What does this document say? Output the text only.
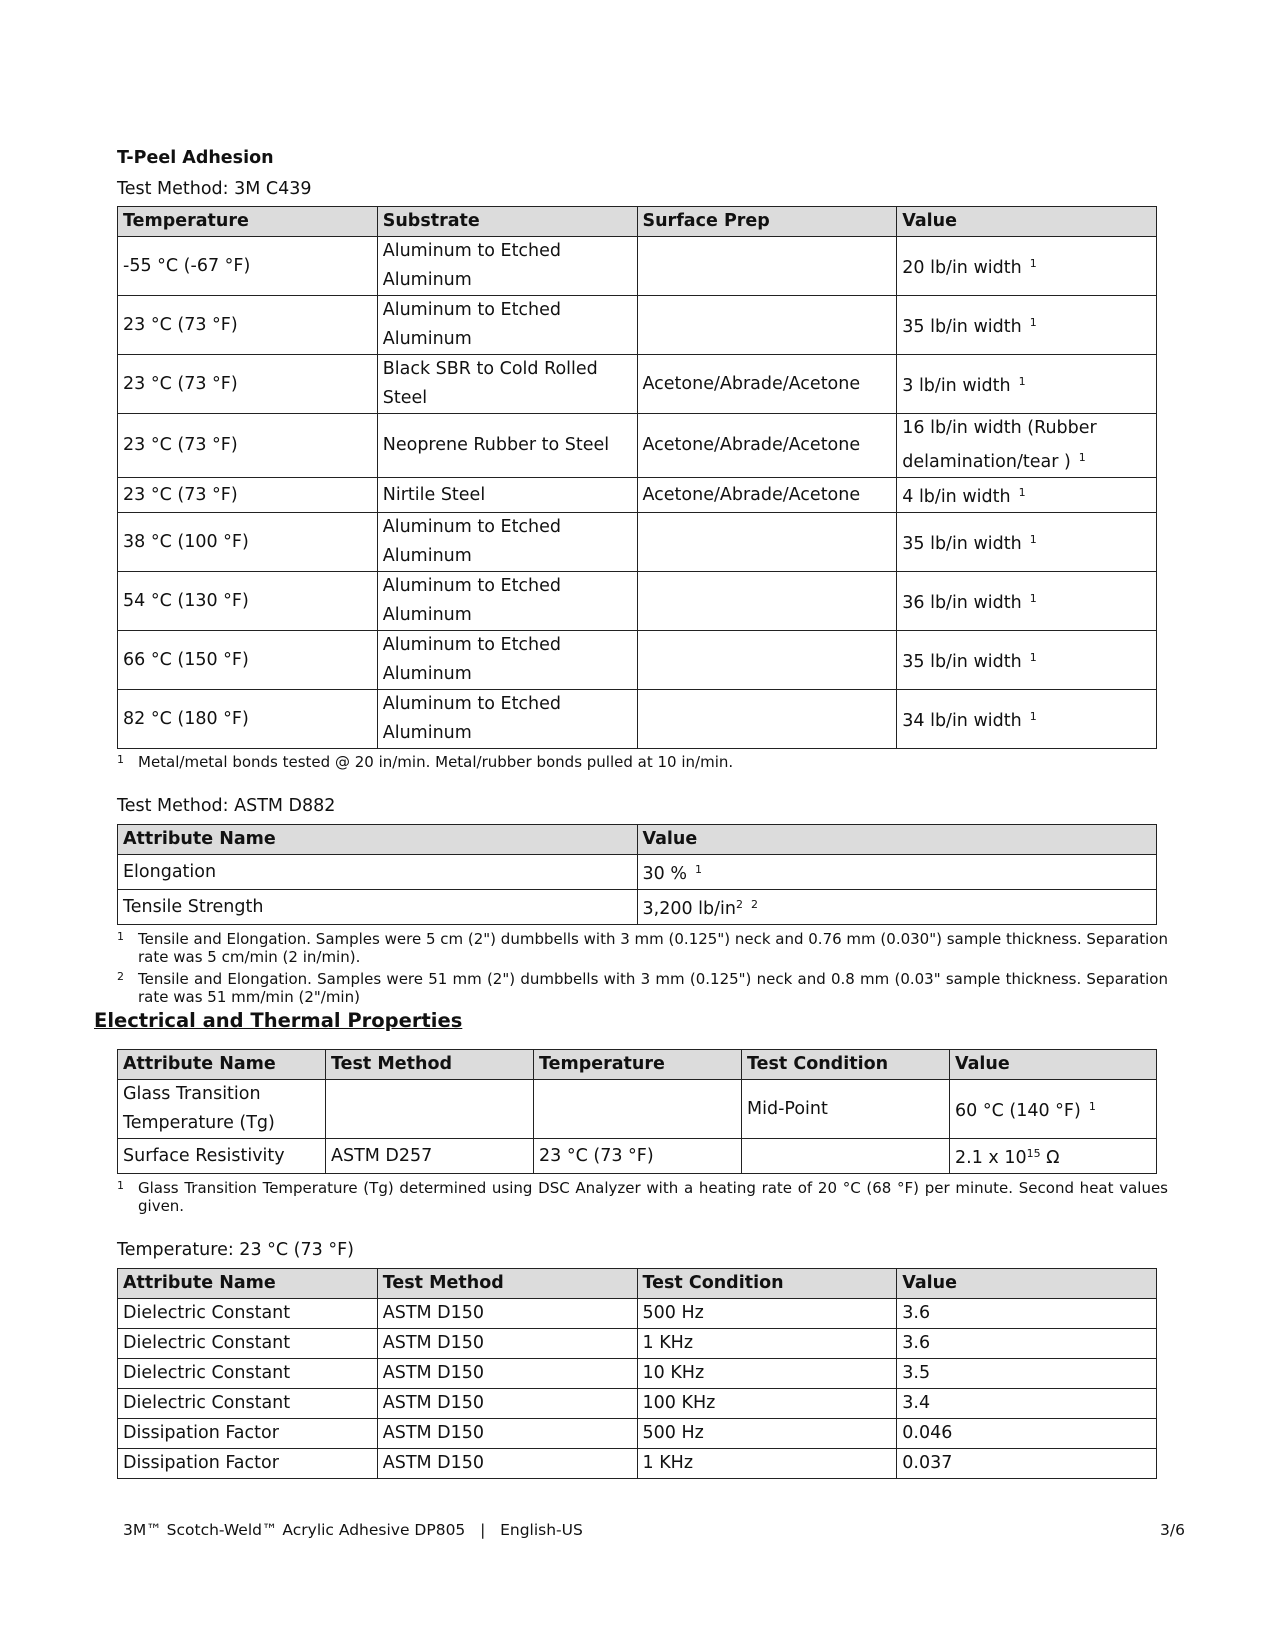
T-Peel Adhesion
Test Method: 3M C439
Temperature	Substrate	Surface Prep	Value
-55 °C (-67 °F)	Aluminum to Etched Aluminum		20 lb/in width $^1$
23 °C (73 °F)	Aluminum to Etched Aluminum		35 lb/in width $^1$
23 °C (73 °F)	Black SBR to Cold Rolled Steel	Acetone/Abrade/Acetone	3 lb/in width $^1$
23 °C (73 °F)	Neoprene Rubber to Steel	Acetone/Abrade/Acetone	16 lb/in width (Rubber delamination/tear ) $^1$
23 °C (73 °F)	Nirtile Steel	Acetone/Abrade/Acetone	4 lb/in width $^1$
38 °C (100 °F)	Aluminum to Etched Aluminum		35 lb/in width $^1$
54 °C (130 °F)	Aluminum to Etched Aluminum		36 lb/in width $^1$
66 °C (150 °F)	Aluminum to Etched Aluminum		35 lb/in width $^1$
82 °C (180 °F)	Aluminum to Etched Aluminum		34 lb/in width $^1$
1 Metal/metal bonds tested @ 20 in/min. Metal/rubber bonds pulled at 10 in/min.
Test Method: ASTM D882
Attribute Name	Value
Elongation	30 % $^1$
Tensile Strength	3,200 $lb/in^2$ $^2$
1 Tensile and Elongation. Samples were 5 cm (2") dumbbells with 3 mm (0.125") neck and 0.76 mm (0.030") sample thickness. Separation rate was 5 cm/min (2 in/min).
2 Tensile and Elongation. Samples were 51 mm (2") dumbbells with 3 mm (0.125") neck and 0.8 mm (0.03" sample thickness. Separation rate was 51 mm/min (2"/min)
Electrical and Thermal Properties
Attribute Name	Test Method	Temperature	Test Condition	Value
Glass Transition Temperature (Tg)			Mid-Point	60 °C (140 °F) $^1$
Surface Resistivity	ASTM D257	23 °C (73 °F)		2.1 x $10^{15}$ Ω
1 Glass Transition Temperature (Tg) determined using DSC Analyzer with a heating rate of 20 °C (68 °F) per minute. Second heat values given.
Temperature: 23 °C (73 °F)
Attribute Name	Test Method	Test Condition	Value
Dielectric Constant	ASTM D150	500 Hz	3.6
Dielectric Constant	ASTM D150	1 KHz	3.6
Dielectric Constant	ASTM D150	10 KHz	3.5
Dielectric Constant	ASTM D150	100 KHz	3.4
Dissipation Factor	ASTM D150	500 Hz	0.046
Dissipation Factor	ASTM D150	1 KHz	0.037
3M™ Scotch-Weld™ Acrylic Adhesive DP805   |   English-US	3/6
